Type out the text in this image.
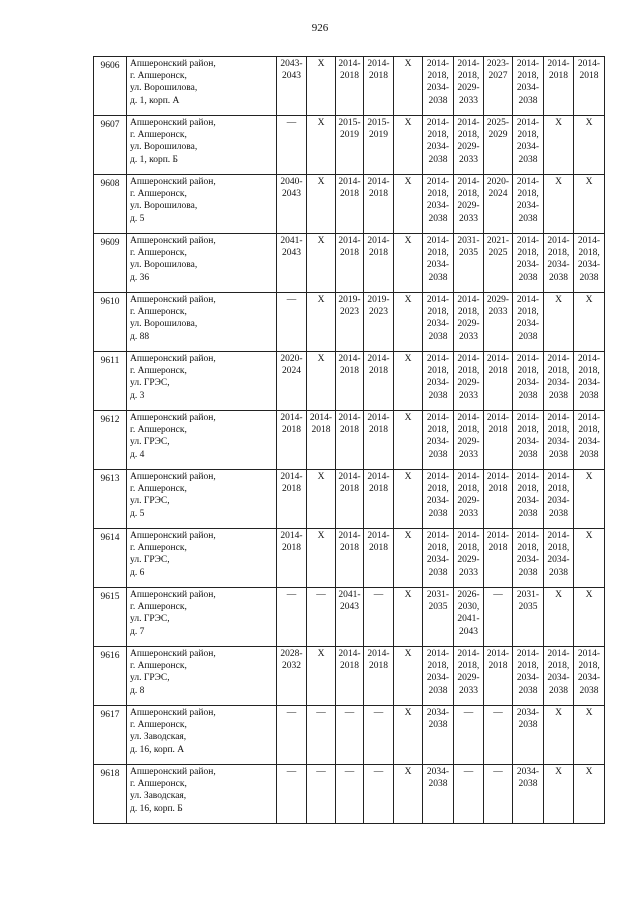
926
9606	Апшеронский район,
г. Апшеронск,
ул. Ворошилова,
д. 1, корп. А	2043-
2043	X	2014-
2018	2014-
2018	X	2014-
2018,
2034-
2038	2014-
2018,
2029-
2033	2023-
2027	2014-
2018,
2034-
2038	2014-
2018	2014-
2018
9607	Апшеронский район,
г. Апшеронск,
ул. Ворошилова,
д. 1, корп. Б	—	X	2015-
2019	2015-
2019	X	2014-
2018,
2034-
2038	2014-
2018,
2029-
2033	2025-
2029	2014-
2018,
2034-
2038	X	X
9608	Апшеронский район,
г. Апшеронск,
ул. Ворошилова,
д. 5	2040-
2043	X	2014-
2018	2014-
2018	X	2014-
2018,
2034-
2038	2014-
2018,
2029-
2033	2020-
2024	2014-
2018,
2034-
2038	X	X
9609	Апшеронский район,
г. Апшеронск,
ул. Ворошилова,
д. 36	2041-
2043	X	2014-
2018	2014-
2018	X	2014-
2018,
2034-
2038	2031-
2035	2021-
2025	2014-
2018,
2034-
2038	2014-
2018,
2034-
2038	2014-
2018,
2034-
2038
9610	Апшеронский район,
г. Апшеронск,
ул. Ворошилова,
д. 88	—	X	2019-
2023	2019-
2023	X	2014-
2018,
2034-
2038	2014-
2018,
2029-
2033	2029-
2033	2014-
2018,
2034-
2038	X	X
9611	Апшеронский район,
г. Апшеронск,
ул. ГРЭС,
д. 3	2020-
2024	X	2014-
2018	2014-
2018	X	2014-
2018,
2034-
2038	2014-
2018,
2029-
2033	2014-
2018	2014-
2018,
2034-
2038	2014-
2018,
2034-
2038	2014-
2018,
2034-
2038
9612	Апшеронский район,
г. Апшеронск,
ул. ГРЭС,
д. 4	2014-
2018	2014-
2018	2014-
2018	2014-
2018	X	2014-
2018,
2034-
2038	2014-
2018,
2029-
2033	2014-
2018	2014-
2018,
2034-
2038	2014-
2018,
2034-
2038	2014-
2018,
2034-
2038
9613	Апшеронский район,
г. Апшеронск,
ул. ГРЭС,
д. 5	2014-
2018	X	2014-
2018	2014-
2018	X	2014-
2018,
2034-
2038	2014-
2018,
2029-
2033	2014-
2018	2014-
2018,
2034-
2038	2014-
2018,
2034-
2038	X
9614	Апшеронский район,
г. Апшеронск,
ул. ГРЭС,
д. 6	2014-
2018	X	2014-
2018	2014-
2018	X	2014-
2018,
2034-
2038	2014-
2018,
2029-
2033	2014-
2018	2014-
2018,
2034-
2038	2014-
2018,
2034-
2038	X
9615	Апшеронский район,
г. Апшеронск,
ул. ГРЭС,
д. 7	—	—	2041-
2043	—	X	2031-
2035	2026-
2030,
2041-
2043	—	2031-
2035	X	X
9616	Апшеронский район,
г. Апшеронск,
ул. ГРЭС,
д. 8	2028-
2032	X	2014-
2018	2014-
2018	X	2014-
2018,
2034-
2038	2014-
2018,
2029-
2033	2014-
2018	2014-
2018,
2034-
2038	2014-
2018,
2034-
2038	2014-
2018,
2034-
2038
9617	Апшеронский район,
г. Апшеронск,
ул. Заводская,
д. 16, корп. А	—	—	—	—	X	2034-
2038	—	—	2034-
2038	X	X
9618	Апшеронский район,
г. Апшеронск,
ул. Заводская,
д. 16, корп. Б	—	—	—	—	X	2034-
2038	—	—	2034-
2038	X	X
